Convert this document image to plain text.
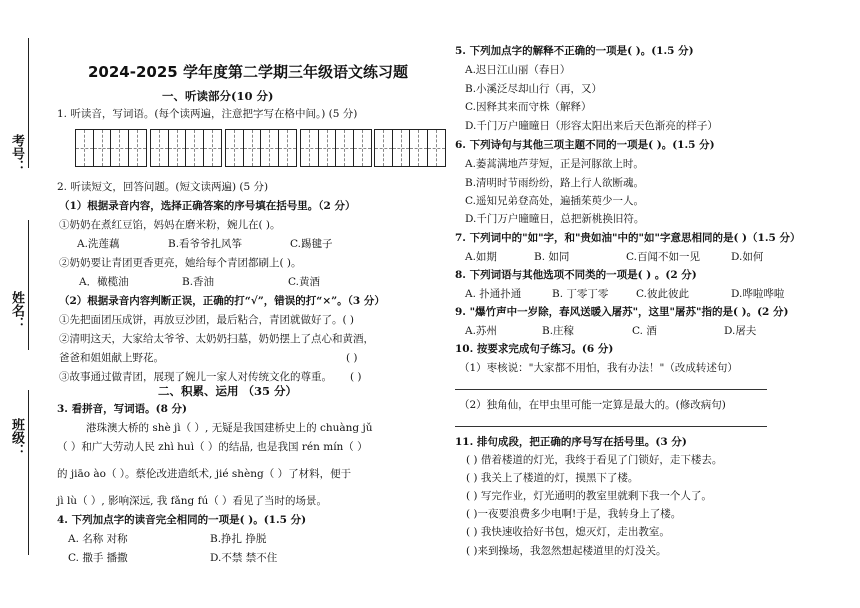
考号：
姓名：
班级：
2024-2025 学年度第二学期三年级语文练习题
一、听读部分(10 分)
1. 听读音，写词语。(每个读两遍，注意把字写在格中间。) (5 分)
2. 听读短文，回答问题。(短文读两遍) (5 分)
（1）根据录音内容，选择正确答案的序号填在括号里。（2 分）
①奶奶在煮红豆馅，妈妈在磨米粉，婉儿在( )。
A.洗莲藕	B.看爷爷扎风筝	C.踢毽子
②奶奶要让青团更香更亮，她给每个青团都刷上( )。
A．橄榄油	B.香油	C.黄酒
（2）根据录音内容判断正误，正确的打“√”，错误的打“×”。（3 分）
①先把面团压成饼，再放豆沙团，最后粘合，青团就做好了。( )
②清明这天，大家给太爷爷、太奶奶扫墓，奶奶摆上了点心和黄酒，
爸爸和姐姐献上野花。	( )
③故事通过做青团，展现了婉儿一家人对传统文化的尊重。 ( )
二、积累、运用 （35 分）
3. 看拼音，写词语。(8 分)
港珠澳大桥的 shè jì（ ）, 无疑是我国建桥史上的 chuàng jǔ
（ ）和广大劳动人民 zhì huì（ ）的结晶, 也是我国 rén mín（ ）
的 jiāo ào（ ）。蔡伦改进造纸术, jié shèng（ ）了材料，便于
jì lù（ ）, 影响深远, 我 fǎng fú（ ）看见了当时的场景。
4. 下列加点字的读音完全相同的一项是( )。(1.5 分)
A. 名称 对称	B.挣扎 挣脱
C. 撒手 播撒	D.不禁 禁不住
5. 下列加点字的解释不正确的一项是( )。(1.5 分)
A.迟日江山丽（春日）
B.小溪泛尽却山行（再，又）
C.因释其来而守株（解释）
D.千门万户曈曈日（形容太阳出来后天色渐亮的样子）
6. 下列诗句与其他三项主题不同的一项是( )。(1.5 分)
A.萎蒿满地芦芽短，正是河豚欲上时。
B.清明时节雨纷纷，路上行人欲断魂。
C.遥知兄弟登高处，遍插茱萸少一人。
D.千门万户曈曈日，总把新桃换旧符。
7. 下列词中的"如"字，和"贵如油"中的"如"字意思相同的是( )（1.5 分）
A.如期	B. 如同	C.百闻不如一见	D.如何
8. 下列词语与其他选项不同类的一项是( ) 。(2 分)
A. 扑通扑通	B. 丁零丁零	C.彼此彼此	D.哗啦哗啦
9. "爆竹声中一岁除，春风送暖入屠苏"，这里"屠苏"指的是( )。(2 分)
A.苏州	B.庄稼	C. 酒	D.屠夫
10. 按要求完成句子练习。(6 分)
（1）枣核说："大家都不用怕，我有办法！"（改成转述句）
（2）独角仙，在甲虫里可能一定算是最大的。(修改病句)
11. 排句成段，把正确的序号写在括号里。(3 分)
( ) 借着楼道的灯光，我终于看见了门锁好，走下楼去。
( ) 我关上了楼道的灯，摸黑下了楼。
( ) 写完作业，灯光通明的教室里就剩下我一个人了。
( )一夜要浪费多少电啊!于是，我转身上了楼。
( ) 我快速收拾好书包，熄灭灯，走出教室。
( )来到操场，我忽然想起楼道里的灯没关。
